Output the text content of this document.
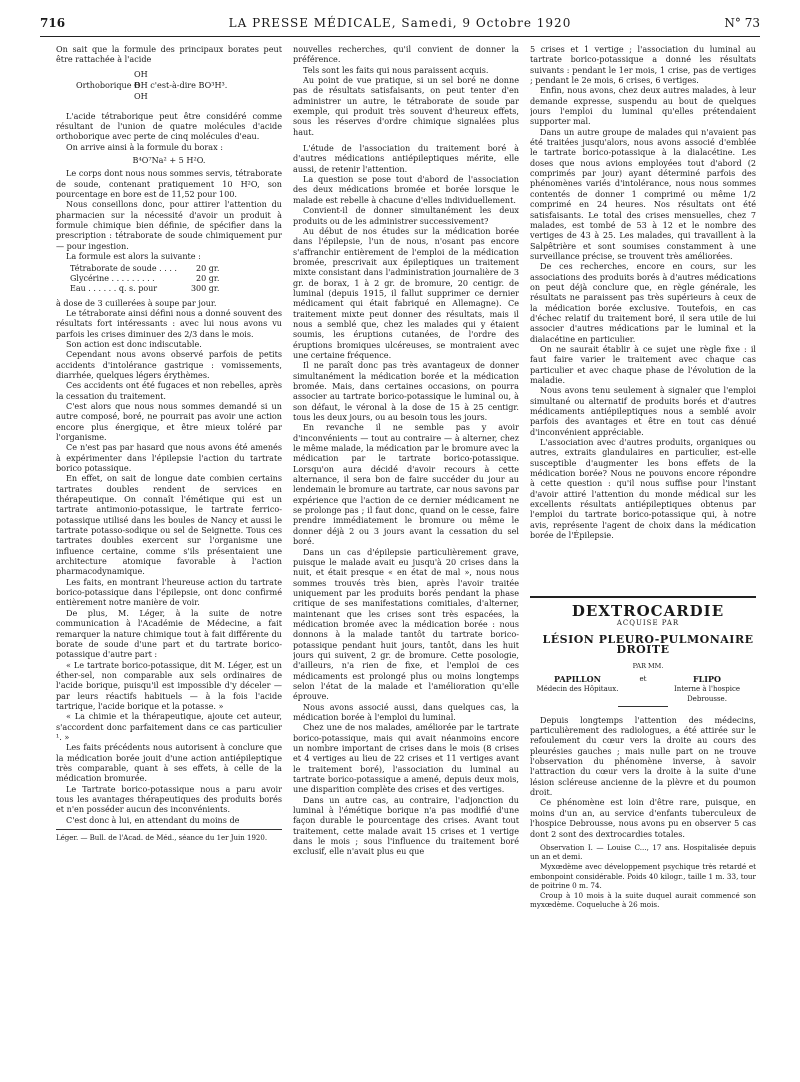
716	LA PRESSE MÉDICALE, Samedi, 9 Octobre 1920	N° 73

On sait que la formule des principaux borates peut être rattachée à l'acide

OH
Orthoborique B
OH c'est-à-dire BO³H³.
OH

L'acide tétraborique peut être considéré comme résultant de l'union de quatre molécules d'acide orthoborique avec perte de cinq molécules d'eau.

On arrive ainsi à la formule du borax :

B⁴O⁷Na² + 5 H²O.

Le corps dont nous nous sommes servis, tétraborate de soude, contenant pratiquement 10 H²O, son pourcentage en bore est de 11,52 pour 100.

Nous conseillons donc, pour attirer l'attention du pharmacien sur la nécessité d'avoir un produit à formule chimique bien définie, de spécifier dans la prescription : tétraborate de soude chimiquement pur — pour ingestion.

La formule est alors la suivante :

Tétraborate de soude . . . .	20 gr.
Glycérine . . . . . . . . .	20 gr.
Eau . . . . . . q. s. pour	300 gr.

à dose de 3 cuillerées à soupe par jour.

Le tétraborate ainsi défini nous a donné souvent des résultats fort intéressants : avec lui nous avons vu parfois les crises diminuer des 2/3 dans le mois.

Son action est donc indiscutable.

Cependant nous avons observé parfois de petits accidents d'intolérance gastrique : vomissements, diarrhée, quelques légers érythèmes.

Ces accidents ont été fugaces et non rebelles, après la cessation du traitement.

C'est alors que nous nous sommes demandé si un autre composé, boré, ne pourrait pas avoir une action encore plus énergique, et être mieux toléré par l'organisme.

Ce n'est pas par hasard que nous avons été amenés à expérimenter dans l'épilepsie l'action du tartrate borico potassique.

En effet, on sait de longue date combien certains tartrates doubles rendent de services en thérapeutique. On connaît l'émétique qui est un tartrate antimonio-potassique, le tartrate ferrico-potassique utilisé dans les boules de Nancy et aussi le tartrate potasso-sodique ou sel de Seignette. Tous ces tartrates doubles exercent sur l'organisme une influence certaine, comme s'ils présentaient une architecture atomique favorable à l'action pharmacodynamique.

Les faits, en montrant l'heureuse action du tartrate borico-potassique dans l'épilepsie, ont donc confirmé entièrement notre manière de voir.

De plus, M. Léger, à la suite de notre communication à l'Académie de Médecine, a fait remarquer la nature chimique tout à fait différente du borate de soude d'une part et du tartrate borico-potassique d'autre part :

« Le tartrate borico-potassique, dit M. Léger, est un éther-sel, non comparable aux sels ordinaires de l'acide borique, puisqu'il est impossible d'y déceler — par leurs réactifs habituels — à la fois l'acide tartrique, l'acide borique et la potasse. »

« La chimie et la thérapeutique, ajoute cet auteur, s'accordent donc parfaitement dans ce cas particulier ¹. »

Les faits précédents nous autorisent à conclure que la médication borée jouit d'une action antiépileptique très comparable, quant à ses effets, à celle de la médication bromurée.

Le Tartrate borico-potassique nous a paru avoir tous les avantages thérapeutiques des produits borés et n'en posséder aucun des inconvénients.

C'est donc à lui, en attendant du moins de

Léger. — Bull. de l'Acad. de Méd., séance du 1er Juin 1920.

nouvelles recherches, qu'il convient de donner la préférence.

Tels sont les faits qui nous paraissent acquis.

Au point de vue pratique, si un sel boré ne donne pas de résultats satisfaisants, on peut tenter d'en administrer un autre, le tétraborate de soude par exemple, qui produit très souvent d'heureux effets, sous les réserves d'ordre chimique signalées plus haut.

L'étude de l'association du traitement boré à d'autres médications antiépileptiques mérite, elle aussi, de retenir l'attention.

La question se pose tout d'abord de l'association des deux médications bromée et borée lorsque le malade est rebelle à chacune d'elles individuellement.

Convient-il de donner simultanément les deux produits ou de les administrer successivement?

Au début de nos études sur la médication borée dans l'épilepsie, l'un de nous, n'osant pas encore s'affranchir entièrement de l'emploi de la médication bromée, prescrivait aux épileptiques un traitement mixte consistant dans l'administration journalière de 3 gr. de borax, 1 à 2 gr. de bromure, 20 centigr. de luminal (depuis 1915, il fallut supprimer ce dernier médicament qui était fabriqué en Allemagne). Ce traitement mixte peut donner des résultats, mais il nous a semblé que, chez les malades qui y étaient soumis, les éruptions cutanées, de l'ordre des éruptions bromiques ulcéreuses, se montraient avec une certaine fréquence.

Il ne paraît donc pas très avantageux de donner simultanément la médication borée et la médication bromée. Mais, dans certaines occasions, on pourra associer au tartrate borico-potassique le luminal ou, à son défaut, le véronal à la dose de 15 à 25 centigr. tous les deux jours, ou au besoin tous les jours.

En revanche il ne semble pas y avoir d'inconvénients — tout au contraire — à alterner, chez le même malade, la médication par le bromure avec la médication par le tartrate borico-potassique. Lorsqu'on aura décidé d'avoir recours à cette alternance, il sera bon de faire succéder du jour au lendemain le bromure au tartrate, car nous savons par expérience que l'action de ce dernier médicament ne se prolonge pas ; il faut donc, quand on le cesse, faire prendre immédiatement le bromure ou même le donner déjà 2 ou 3 jours avant la cessation du sel boré.

Dans un cas d'épilepsie particulièrement grave, puisque le malade avait eu jusqu'à 20 crises dans la nuit, et était presque « en état de mal », nous nous sommes trouvés très bien, après l'avoir traitée uniquement par les produits borés pendant la phase critique de ses manifestations comitiales, d'alterner, maintenant que les crises sont très espacées, la médication bromée avec la médication borée : nous donnons à la malade tantôt du tartrate borico-potassique pendant huit jours, tantôt, dans les huit jours qui suivent, 2 gr. de bromure. Cette posologie, d'ailleurs, n'a rien de fixe, et l'emploi de ces médicaments est prolongé plus ou moins longtemps selon l'état de la malade et l'amélioration qu'elle éprouve.

Nous avons associé aussi, dans quelques cas, la médication borée à l'emploi du luminal.

Chez une de nos malades, améliorée par le tartrate borico-potassique, mais qui avait néanmoins encore un nombre important de crises dans le mois (8 crises et 4 vertiges au lieu de 22 crises et 11 vertiges avant le traitement boré), l'association du luminal au tartrate borico-potassique a amené, depuis deux mois, une disparition complète des crises et des vertiges.

Dans un autre cas, au contraire, l'adjonction du luminal à l'émétique borique n'a pas modifié d'une façon durable le pourcentage des crises. Avant tout traitement, cette malade avait 15 crises et 1 vertige dans le mois ; sous l'influence du traitement boré exclusif, elle n'avait plus eu que

5 crises et 1 vertige ; l'association du luminal au tartrate borico-potassique a donné les résultats suivants : pendant le 1er mois, 1 crise, pas de vertiges ; pendant le 2e mois, 6 crises, 6 vertiges.

Enfin, nous avons, chez deux autres malades, à leur demande expresse, suspendu au bout de quelques jours l'emploi du luminal qu'elles prétendaient supporter mal.

Dans un autre groupe de malades qui n'avaient pas été traitées jusqu'alors, nous avons associé d'emblée le tartrate borico-potassique à la dialacétine. Les doses que nous avions employées tout d'abord (2 comprimés par jour) ayant déterminé parfois des phénomènes variés d'intolérance, nous nous sommes contentés de donner 1 comprimé ou même 1/2 comprimé en 24 heures. Nos résultats ont été satisfaisants. Le total des crises mensuelles, chez 7 malades, est tombé de 53 à 12 et le nombre des vertiges de 43 à 25. Les malades, qui travaillent à la Salpêtrière et sont soumises constamment à une surveillance précise, se trouvent très améliorées.

De ces recherches, encore en cours, sur les associations des produits borés à d'autres médications on peut déjà conclure que, en règle générale, les résultats ne paraissent pas très supérieurs à ceux de la médication borée exclusive. Toutefois, en cas d'échec relatif du traitement boré, il sera utile de lui associer d'autres médications par le luminal et la dialacétine en particulier.

On ne saurait établir à ce sujet une règle fixe : il faut faire varier le traitement avec chaque cas particulier et avec chaque phase de l'évolution de la maladie.

Nous avons tenu seulement à signaler que l'emploi simultané ou alternatif de produits borés et d'autres médicaments antiépileptiques nous a semblé avoir parfois des avantages et être en tout cas dénué d'inconvénient appréciable.

L'association avec d'autres produits, organiques ou autres, extraits glandulaires en particulier, est-elle susceptible d'augmenter les bons effets de la médication borée? Nous ne pouvons encore répondre à cette question : qu'il nous suffise pour l'instant d'avoir attiré l'attention du monde médical sur les excellents résultats antiépileptiques obtenus par l'emploi du tartrate borico-potassique qui, à notre avis, représente l'agent de choix dans la médication borée de l'Épilepsie.

DEXTROCARDIE

ACQUISE PAR

LÉSION PLEURO-PULMONAIRE DROITE

PAR MM.

PAPILLON
Médecin des Hôpitaux.
et	FLIPO
Interne à l'hospice Debrousse.

Depuis longtemps l'attention des médecins, particulièrement des radiologues, a été attirée sur le refoulement du cœur vers la droite au cours des pleurésies gauches ; mais nulle part on ne trouve l'observation du phénomène inverse, à savoir l'attraction du cœur vers la droite à la suite d'une lésion scléreuse ancienne de la plèvre et du poumon droit.

Ce phénomène est loin d'être rare, puisque, en moins d'un an, au service d'enfants tuberculeux de l'hospice Debrousse, nous avons pu en observer 5 cas dont 2 sont des dextrocardies totales.

Observation I. — Louise C..., 17 ans. Hospitalisée depuis un an et demi.

Myxœdème avec développement psychique très retardé et embonpoint considérable. Poids 40 kilogr., taille 1 m. 33, tour de poitrine 0 m. 74.

Croup à 10 mois à la suite duquel aurait commencé son myxœdème. Coqueluche à 26 mois.
